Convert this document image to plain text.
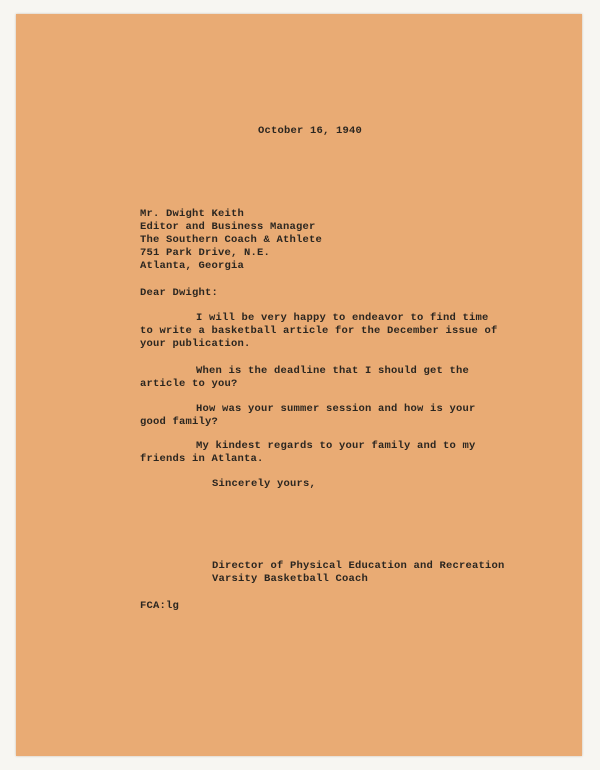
October 16, 1940
Mr. Dwight Keith
Editor and Business Manager
The Southern Coach & Athlete
751 Park Drive, N.E.
Atlanta, Georgia
Dear Dwight:
I will be very happy to endeavor to find time
to write a basketball article for the December issue of
your publication.
When is the deadline that I should get the
article to you?
How was your summer session and how is your
good family?
My kindest regards to your family and to my
friends in Atlanta.
Sincerely yours,
Director of Physical Education and Recreation
Varsity Basketball Coach
FCA:lg
